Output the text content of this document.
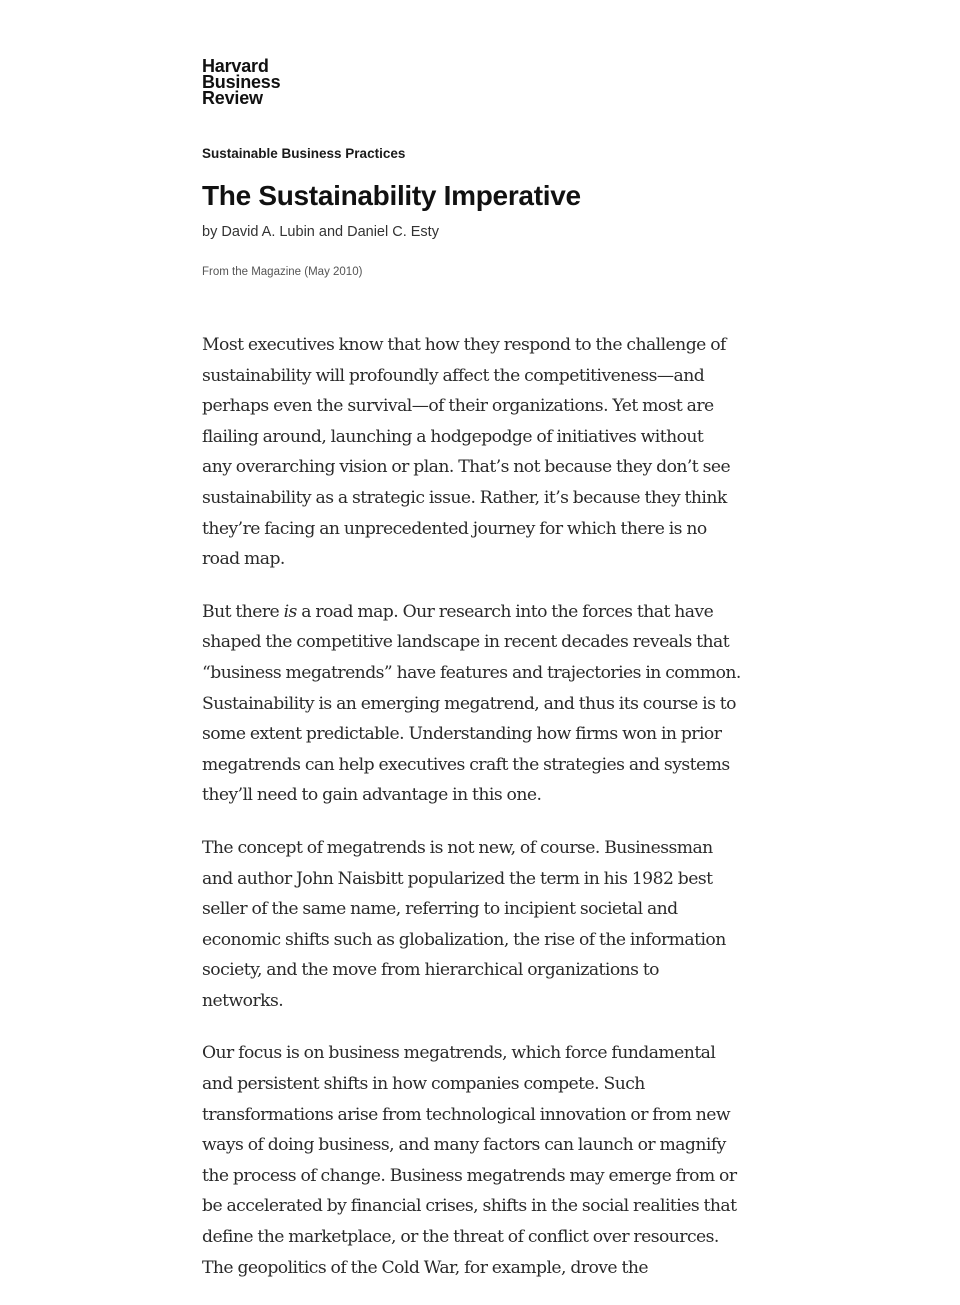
Harvard
Business
Review
Sustainable Business Practices
The Sustainability Imperative
by David A. Lubin and Daniel C. Esty
From the Magazine (May 2010)

Most executives know that how they respond to the challenge of
sustainability will profoundly affect the competitiveness—and
perhaps even the survival—of their organizations. Yet most are
flailing around, launching a hodgepodge of initiatives without
any overarching vision or plan. That’s not because they don’t see
sustainability as a strategic issue. Rather, it’s because they think
they’re facing an unprecedented journey for which there is no
road map.

But there is a road map. Our research into the forces that have
shaped the competitive landscape in recent decades reveals that
“business megatrends” have features and trajectories in common.
Sustainability is an emerging megatrend, and thus its course is to
some extent predictable. Understanding how firms won in prior
megatrends can help executives craft the strategies and systems
they’ll need to gain advantage in this one.

The concept of megatrends is not new, of course. Businessman
and author John Naisbitt popularized the term in his 1982 best
seller of the same name, referring to incipient societal and
economic shifts such as globalization, the rise of the information
society, and the move from hierarchical organizations to
networks.

Our focus is on business megatrends, which force fundamental
and persistent shifts in how companies compete. Such
transformations arise from technological innovation or from new
ways of doing business, and many factors can launch or magnify
the process of change. Business megatrends may emerge from or
be accelerated by financial crises, shifts in the social realities that
define the marketplace, or the threat of conflict over resources.
The geopolitics of the Cold War, for example, drove the
